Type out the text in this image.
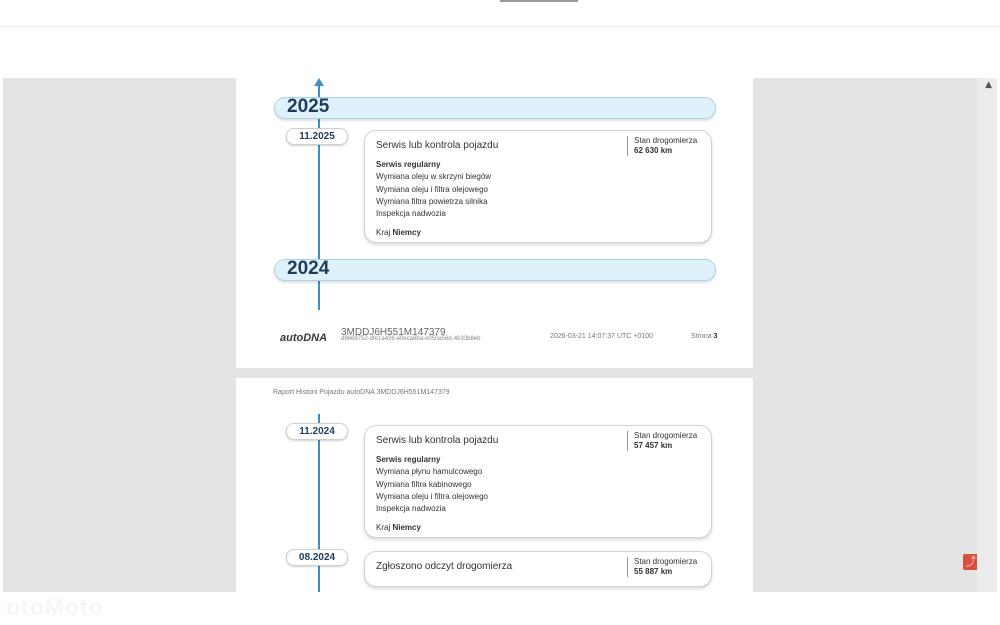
2025
11.2025
Serwis lub kontrola pojazdu	Stan drogomierza
62 630 km
Serwis regularny
Wymiana oleju w skrzyni biegów
Wymiana oleju i filtra olejowego
Wymiana filtra powietrza silnika
Inspekcja nadwozia
Kraj Niemcy
2024
autoDNA 3MDDJ6H551M147379
d8669752-dfe1a426-e0eca6ba-e050a56d-4b33b8eb	2026-03-21 14:07:37 UTC +0100	Strona 3
Raport Historii Pojazdu autoDNA 3MDDJ6H551M147379
11.2024
Serwis lub kontrola pojazdu	Stan drogomierza
57 457 km
Serwis regularny
Wymiana płynu hamulcowego
Wymiana filtra kabinowego
Wymiana oleju i filtra olejowego
Inspekcja nadwozia
Kraj Niemcy
08.2024
Zgłoszono odczyt drogomierza	Stan drogomierza
55 887 km
⤴
▲
otoMoto
